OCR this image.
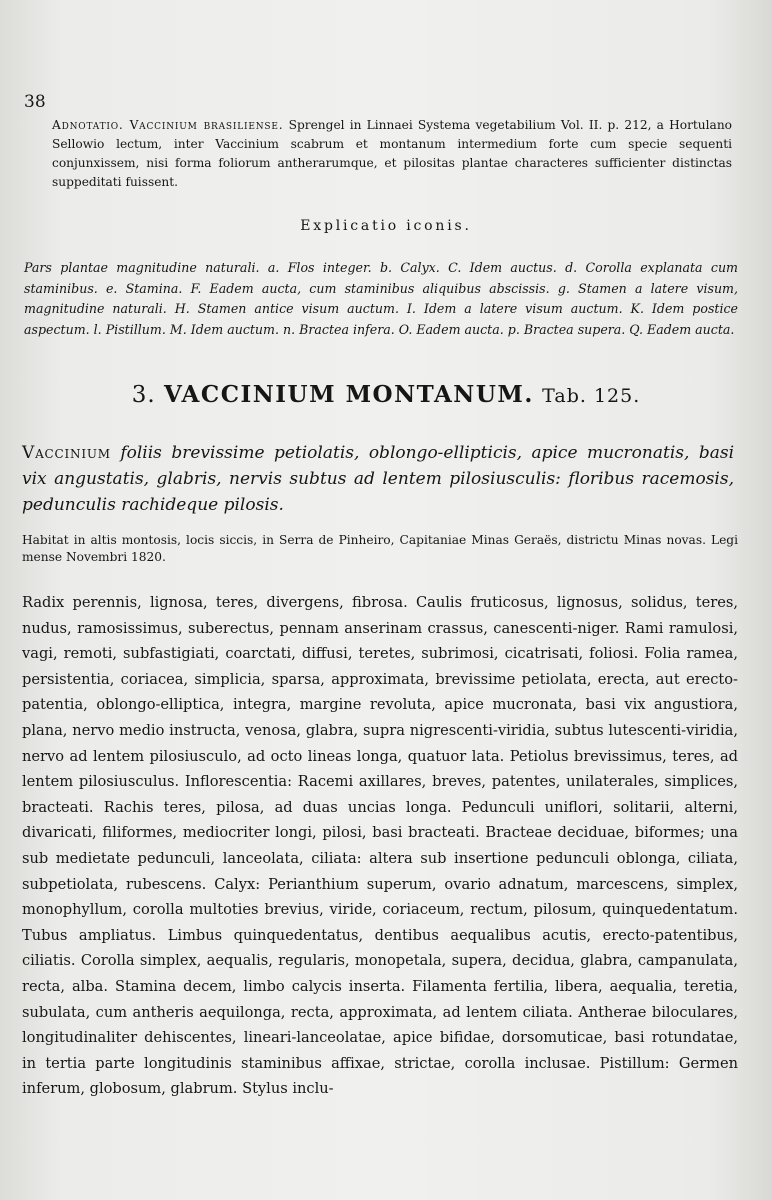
38

Adnotatio. Vaccinium brasiliense. Sprengel in Linnaei Systema vegetabilium Vol. II. p. 212, a Hortulano Sellowio lectum, inter Vaccinium scabrum et montanum intermedium forte cum specie sequenti conjunxissem, nisi forma foliorum antherarumque, et pilositas plantae characteres sufficienter distinctas suppeditati fuissent.

Explicatio iconis.

Pars plantae magnitudine naturali. a. Flos integer. b. Calyx. C. Idem auctus. d. Corolla explanata cum staminibus. e. Stamina. F. Eadem aucta, cum staminibus aliquibus abscissis. g. Stamen a latere visum, magnitudine naturali. H. Stamen antice visum auctum. I. Idem a latere visum auctum. K. Idem postice aspectum. l. Pistillum. M. Idem auctum. n. Bractea infera. O. Eadem aucta. p. Bractea supera. Q. Eadem aucta.

3. VACCINIUM MONTANUM. Tab. 125.

Vaccinium foliis brevissime petiolatis, oblongo-ellipticis, apice mucronatis, basi vix angustatis, glabris, nervis subtus ad lentem pilosiusculis: floribus racemosis, pedunculis rachideque pilosis.

Habitat in altis montosis, locis siccis, in Serra de Pinheiro, Capitaniae Minas Geraës, districtu Minas novas. Legi mense Novembri 1820.

Radix perennis, lignosa, teres, divergens, fibrosa. Caulis fruticosus, lignosus, solidus, teres, nudus, ramosissimus, suberectus, pennam anserinam crassus, canescenti-niger. Rami ramulosi, vagi, remoti, subfastigiati, coarctati, diffusi, teretes, subrimosi, cicatrisati, foliosi. Folia ramea, persistentia, coriacea, simplicia, sparsa, approximata, brevissime petiolata, erecta, aut erecto-patentia, oblongo-elliptica, integra, margine revoluta, apice mucronata, basi vix angustiora, plana, nervo medio instructa, venosa, glabra, supra nigrescenti-viridia, subtus lutescenti-viridia, nervo ad lentem pilosiusculo, ad octo lineas longa, quatuor lata. Petiolus brevissimus, teres, ad lentem pilosiusculus. Inflorescentia: Racemi axillares, breves, patentes, unilaterales, simplices, bracteati. Rachis teres, pilosa, ad duas uncias longa. Pedunculi uniflori, solitarii, alterni, divaricati, filiformes, mediocriter longi, pilosi, basi bracteati. Bracteae deciduae, biformes; una sub medietate pedunculi, lanceolata, ciliata: altera sub insertione pedunculi oblonga, ciliata, subpetiolata, rubescens. Calyx: Perianthium superum, ovario adnatum, marcescens, simplex, monophyllum, corolla multoties brevius, viride, coriaceum, rectum, pilosum, quinquedentatum. Tubus ampliatus. Limbus quinquedentatus, dentibus aequalibus acutis, erecto-patentibus, ciliatis. Corolla simplex, aequalis, regularis, monopetala, supera, decidua, glabra, campanulata, recta, alba. Stamina decem, limbo calycis inserta. Filamenta fertilia, libera, aequalia, teretia, subulata, cum antheris aequilonga, recta, approximata, ad lentem ciliata. Antherae biloculares, longitudinaliter dehiscentes, lineari-lanceolatae, apice bifidae, dorsomuticae, basi rotundatae, in tertia parte longitudinis staminibus affixae, strictae, corolla inclusae. Pistillum: Germen inferum, globosum, glabrum. Stylus inclu-
